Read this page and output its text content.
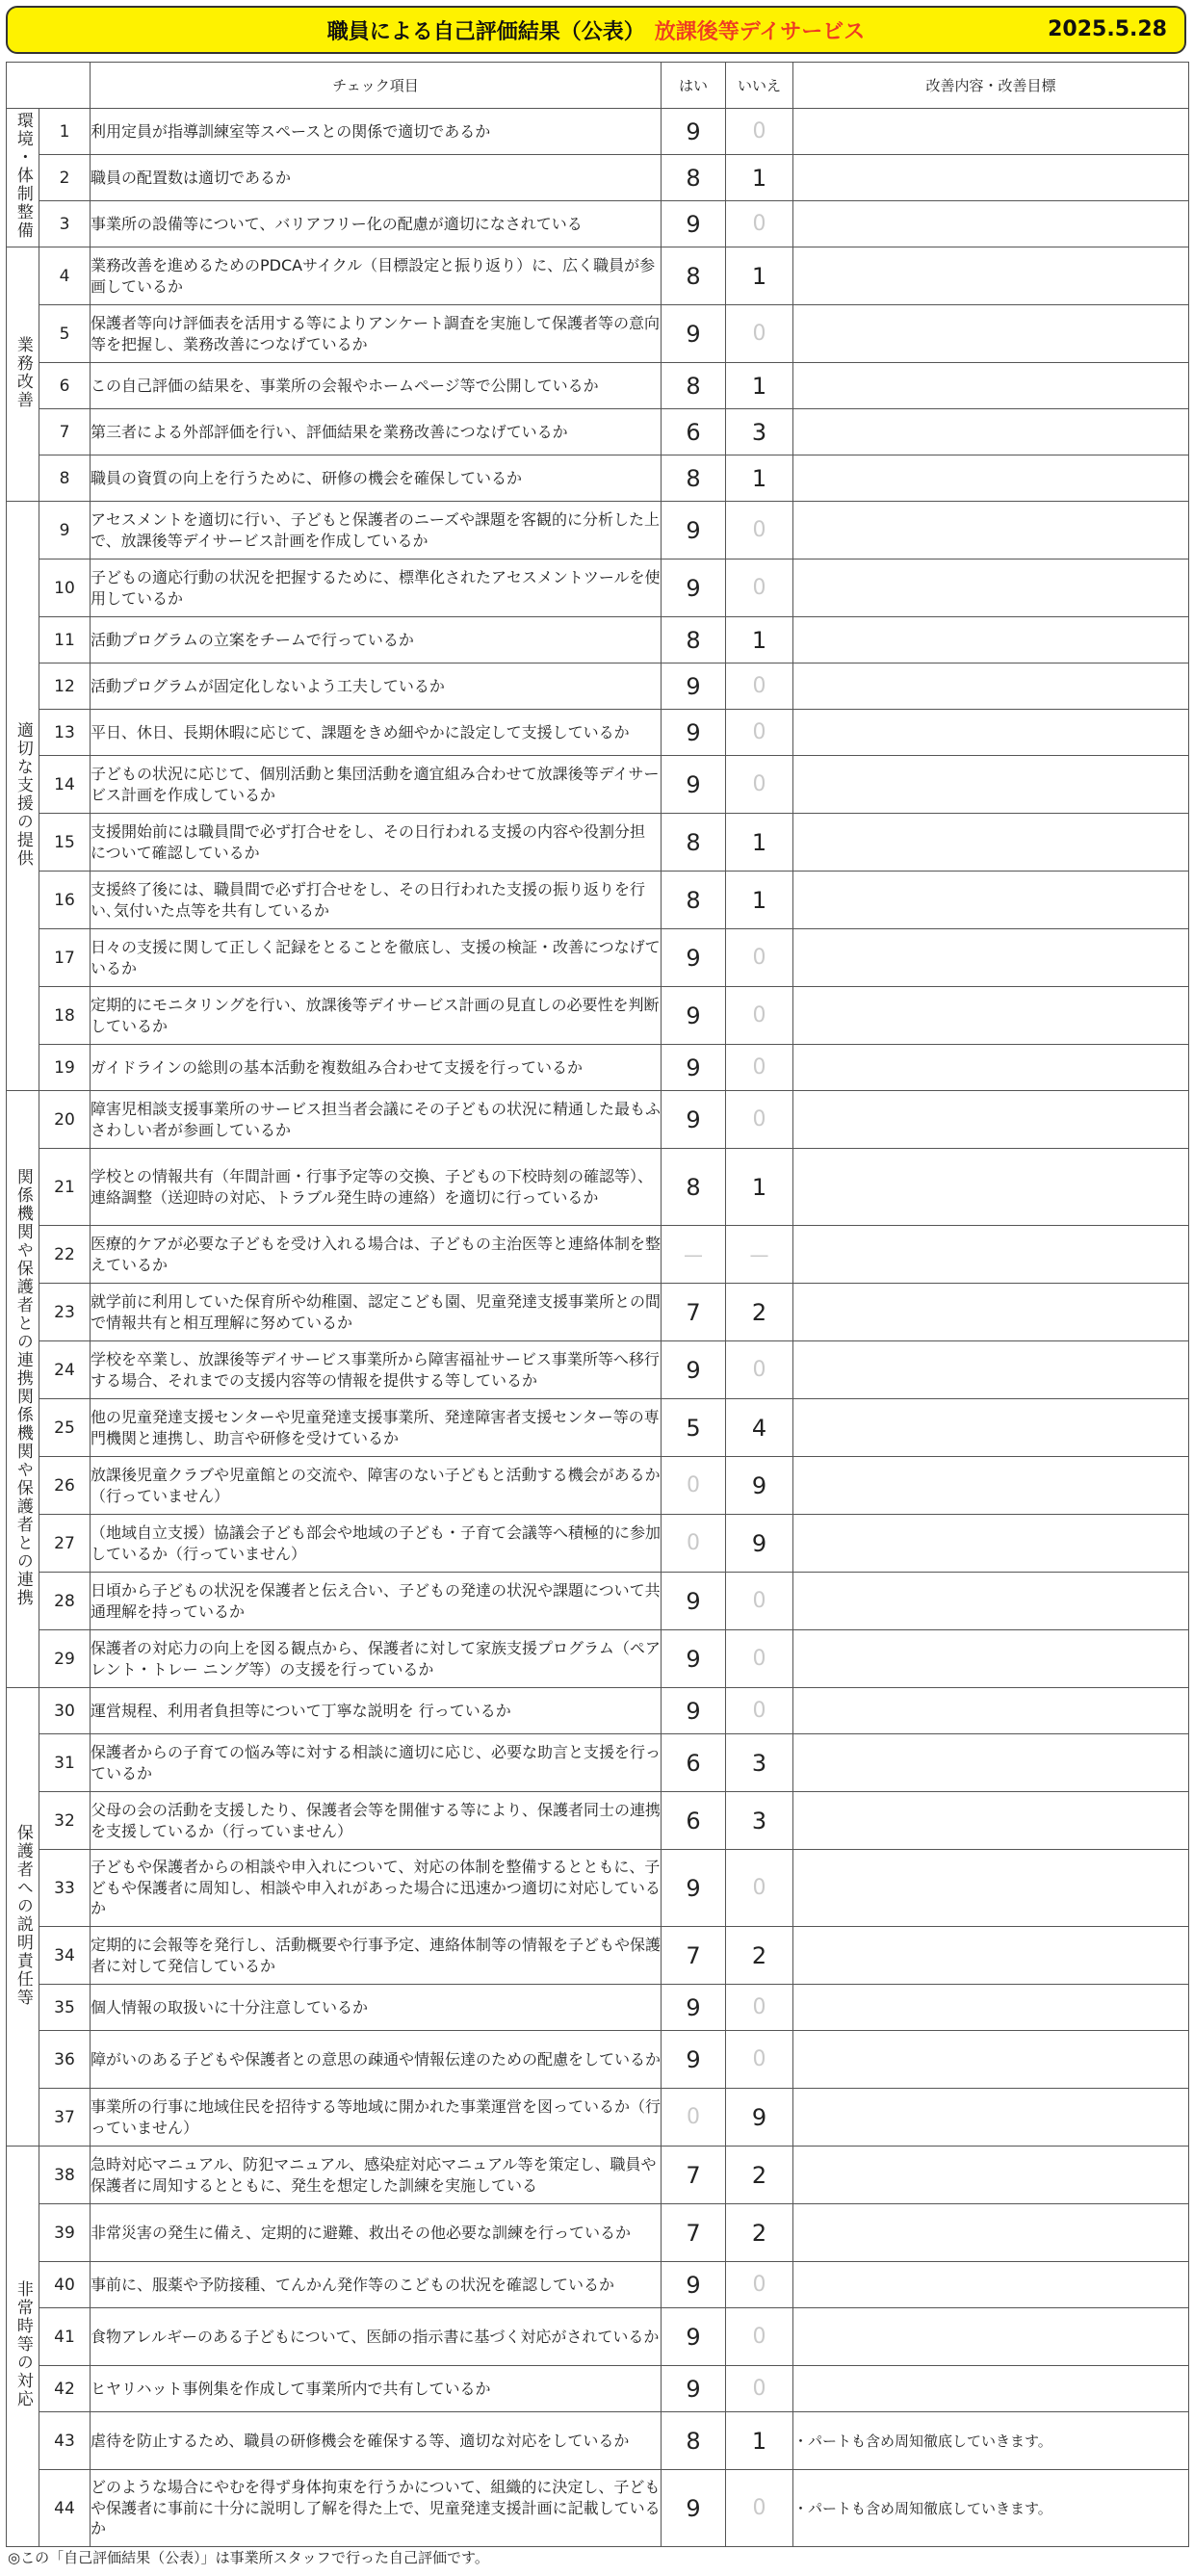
職員による自己評価結果（公表） 放課後等デイサービス	2025.5.28
		チェック項目	はい	いいえ	改善内容・改善目標
環境・体制整備	1	利用定員が指導訓練室等スペースとの関係で適切であるか	9	0	
	2	職員の配置数は適切であるか	8	1	
	3	事業所の設備等について、バリアフリー化の配慮が適切になされている	9	0	
業務改善	4	業務改善を進めるためのPDCAサイクル（目標設定と振り返り）に、広く職員が参画しているか	8	1	
	5	保護者等向け評価表を活用する等によりアンケート調査を実施して保護者等の意向等を把握し、業務改善につなげているか	9	0	
	6	この自己評価の結果を、事業所の会報やホームページ等で公開しているか	8	1	
	7	第三者による外部評価を行い、評価結果を業務改善につなげているか	6	3	
	8	職員の資質の向上を行うために、研修の機会を確保しているか	8	1	
適切な支援の提供	9	アセスメントを適切に行い、子どもと保護者のニーズや課題を客観的に分析した上で、放課後等デイサービス計画を作成しているか	9	0	
	10	子どもの適応行動の状況を把握するために、標準化されたアセスメントツールを使用しているか	9	0	
	11	活動プログラムの立案をチームで行っているか	8	1	
	12	活動プログラムが固定化しないよう工夫しているか	9	0	
	13	平日、休日、長期休暇に応じて、課題をきめ細やかに設定して支援しているか	9	0	
	14	子どもの状況に応じて、個別活動と集団活動を適宜組み合わせて放課後等デイサービス計画を作成しているか	9	0	
	15	支援開始前には職員間で必ず打合せをし、その日行われる支援の内容や役割分担について確認しているか	8	1	
	16	支援終了後には、職員間で必ず打合せをし、その日行われた支援の振り返りを行い､気付いた点等を共有しているか	8	1	
	17	日々の支援に関して正しく記録をとることを徹底し、支援の検証・改善につなげているか	9	0	
	18	定期的にモニタリングを行い、放課後等デイサービス計画の見直しの必要性を判断しているか	9	0	
	19	ガイドラインの総則の基本活動を複数組み合わせて支援を行っているか	9	0	
関係機関や保護者との連携関係機関や保護者との連携	20	障害児相談支援事業所のサービス担当者会議にその子どもの状況に精通した最もふさわしい者が参画しているか	9	0	
	21	学校との情報共有（年間計画・行事予定等の交換、子どもの下校時刻の確認等）、連絡調整（送迎時の対応、トラブル発生時の連絡）を適切に行っているか	8	1	
	22	医療的ケアが必要な子どもを受け入れる場合は、子どもの主治医等と連絡体制を整えているか	—	—	
	23	就学前に利用していた保育所や幼稚園、認定こども園、児童発達支援事業所との間で情報共有と相互理解に努めているか	7	2	
	24	学校を卒業し、放課後等デイサービス事業所から障害福祉サービス事業所等へ移行する場合、それまでの支援内容等の情報を提供する等しているか	9	0	
	25	他の児童発達支援センターや児童発達支援事業所、発達障害者支援センター等の専門機関と連携し、助言や研修を受けているか	5	4	
	26	放課後児童クラブや児童館との交流や、障害のない子どもと活動する機会があるか（行っていません）	0	9	
	27	（地域自立支援）協議会子ども部会や地域の子ども・子育て会議等へ積極的に参加しているか（行っていません）	0	9	
	28	日頃から子どもの状況を保護者と伝え合い、子どもの発達の状況や課題について共通理解を持っているか	9	0	
	29	保護者の対応力の向上を図る観点から、保護者に対して家族支援プログラム（ペアレント・トレー ニング等）の支援を行っているか	9	0	
保護者への説明責任等	30	運営規程、利用者負担等について丁寧な説明を 行っているか	9	0	
	31	保護者からの子育ての悩み等に対する相談に適切に応じ、必要な助言と支援を行っているか	6	3	
	32	父母の会の活動を支援したり、保護者会等を開催する等により、保護者同士の連携を支援しているか（行っていません）	6	3	
	33	子どもや保護者からの相談や申入れについて、対応の体制を整備するとともに、子どもや保護者に周知し、相談や申入れがあった場合に迅速かつ適切に対応しているか	9	0	
	34	定期的に会報等を発行し、活動概要や行事予定、連絡体制等の情報を子どもや保護者に対して発信しているか	7	2	
	35	個人情報の取扱いに十分注意しているか	9	0	
	36	障がいのある子どもや保護者との意思の疎通や情報伝達のための配慮をしているか	9	0	
	37	事業所の行事に地域住民を招待する等地域に開かれた事業運営を図っているか（行っていません）	0	9	
非常時等の対応	38	急時対応マニュアル、防犯マニュアル、感染症対応マニュアル等を策定し、職員や保護者に周知するとともに、発生を想定した訓練を実施している	7	2	
	39	非常災害の発生に備え、定期的に避難、救出その他必要な訓練を行っているか	7	2	
	40	事前に、服薬や予防接種、てんかん発作等のこどもの状況を確認しているか	9	0	
	41	食物アレルギーのある子どもについて、医師の指示書に基づく対応がされているか	9	0	
	42	ヒヤリハット事例集を作成して事業所内で共有しているか	9	0	
	43	虐待を防止するため、職員の研修機会を確保する等、適切な対応をしているか	8	1	・パートも含め周知徹底していきます。
	44	どのような場合にやむを得ず身体拘束を行うかについて、組織的に決定し、子どもや保護者に事前に十分に説明し了解を得た上で、児童発達支援計画に記載しているか	9	0	・パートも含め周知徹底していきます。
◎この「自己評価結果（公表）」は事業所スタッフで行った自己評価です。
